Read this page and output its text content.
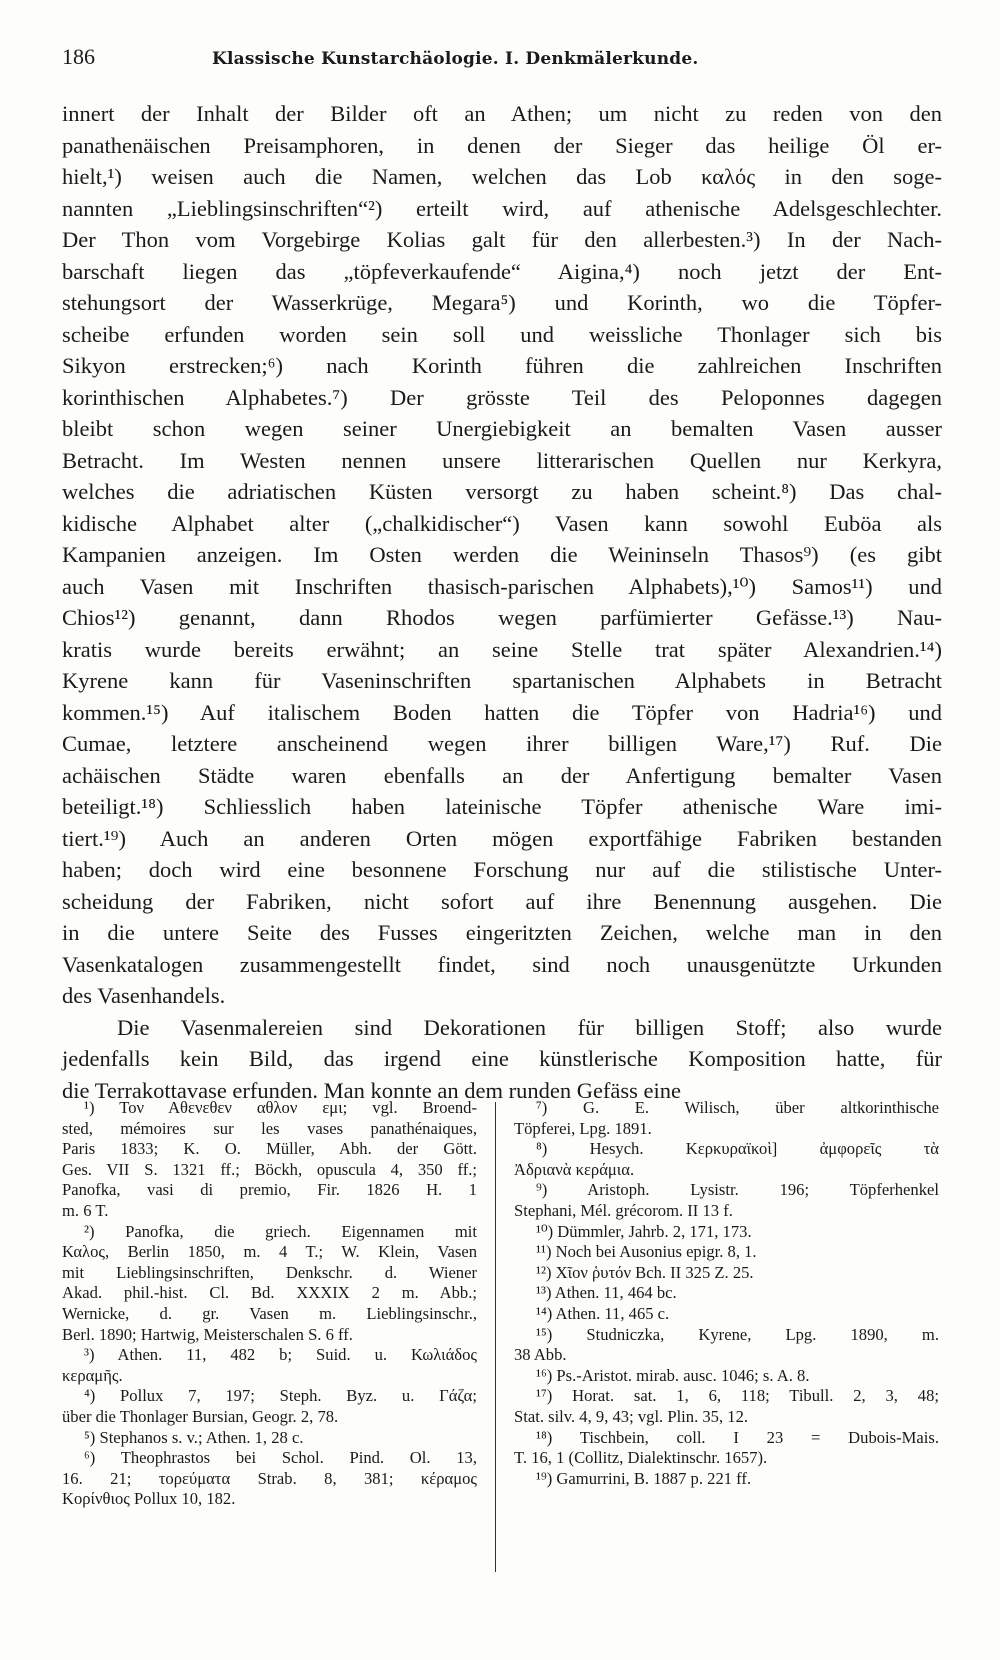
186	Klassische Kunstarchäologie. I. Denkmälerkunde.
innert der Inhalt der Bilder oft an Athen; um nicht zu reden von den
panathenäischen Preisamphoren, in denen der Sieger das heilige Öl er-
hielt,¹) weisen auch die Namen, welchen das Lob καλός in den soge-
nannten „Lieblingsinschriften“²) erteilt wird, auf athenische Adelsgeschlechter.
Der Thon vom Vorgebirge Kolias galt für den allerbesten.³) In der Nach-
barschaft liegen das „töpfeverkaufende“ Aigina,⁴) noch jetzt der Ent-
stehungsort der Wasserkrüge, Megara⁵) und Korinth, wo die Töpfer-
scheibe erfunden worden sein soll und weissliche Thonlager sich bis
Sikyon erstrecken;⁶) nach Korinth führen die zahlreichen Inschriften
korinthischen Alphabetes.⁷) Der grösste Teil des Peloponnes dagegen
bleibt schon wegen seiner Unergiebigkeit an bemalten Vasen ausser
Betracht. Im Westen nennen unsere litterarischen Quellen nur Kerkyra,
welches die adriatischen Küsten versorgt zu haben scheint.⁸) Das chal-
kidische Alphabet alter („chalkidischer“) Vasen kann sowohl Euböa als
Kampanien anzeigen. Im Osten werden die Weininseln Thasos⁹) (es gibt
auch Vasen mit Inschriften thasisch-parischen Alphabets),¹⁰) Samos¹¹) und
Chios¹²) genannt, dann Rhodos wegen parfümierter Gefässe.¹³) Nau-
kratis wurde bereits erwähnt; an seine Stelle trat später Alexandrien.¹⁴)
Kyrene kann für Vaseninschriften spartanischen Alphabets in Betracht
kommen.¹⁵) Auf italischem Boden hatten die Töpfer von Hadria¹⁶) und
Cumae, letztere anscheinend wegen ihrer billigen Ware,¹⁷) Ruf. Die
achäischen Städte waren ebenfalls an der Anfertigung bemalter Vasen
beteiligt.¹⁸) Schliesslich haben lateinische Töpfer athenische Ware imi-
tiert.¹⁹) Auch an anderen Orten mögen exportfähige Fabriken bestanden
haben; doch wird eine besonnene Forschung nur auf die stilistische Unter-
scheidung der Fabriken, nicht sofort auf ihre Benennung ausgehen. Die
in die untere Seite des Fusses eingeritzten Zeichen, welche man in den
Vasenkatalogen zusammengestellt findet, sind noch unausgenützte Urkunden
des Vasenhandels.
Die Vasenmalereien sind Dekorationen für billigen Stoff; also wurde
jedenfalls kein Bild, das irgend eine künstlerische Komposition hatte, für
die Terrakottavase erfunden. Man konnte an dem runden Gefäss eine
¹) Τον Αθενεθεν αθλον εμι; vgl. Broend-
sted, mémoires sur les vases panathénaiques,
Paris 1833; K. O. Müller, Abh. der Gött.
Ges. VII S. 1321 ff.; Böckh, opuscula 4, 350 ff.;
Panofka, vasi di premio, Fir. 1826 H. 1
m. 6 T.
²) Panofka, die griech. Eigennamen mit
Καλος, Berlin 1850, m. 4 T.; W. Klein, Vasen
mit Lieblingsinschriften, Denkschr. d. Wiener
Akad. phil.-hist. Cl. Bd. XXXIX 2 m. Abb.;
Wernicke, d. gr. Vasen m. Lieblingsinschr.,
Berl. 1890; Hartwig, Meisterschalen S. 6 ff.
³) Athen. 11, 482 b; Suid. u. Κωλιάδος
κεραμῆς.
⁴) Pollux 7, 197; Steph. Byz. u. Γάζα;
über die Thonlager Bursian, Geogr. 2, 78.
⁵) Stephanos s. v.; Athen. 1, 28 c.
⁶) Theophrastos bei Schol. Pind. Ol. 13,
16. 21; τορεύματα Strab. 8, 381; κέραμος
Κορίνθιος Pollux 10, 182.
⁷) G. E. Wilisch, über altkorinthische
Töpferei, Lpg. 1891.
⁸) Hesych. Κερκυραϊκοὶ] ἀμφορεῖς τὰ
Ἀδριανὰ κεράμια.
⁹) Aristoph. Lysistr. 196; Töpferhenkel
Stephani, Mél. grécorom. II 13 f.
¹⁰) Dümmler, Jahrb. 2, 171, 173.
¹¹) Noch bei Ausonius epigr. 8, 1.
¹²) Χῖον ῥυτόν Bch. II 325 Z. 25.
¹³) Athen. 11, 464 bc.
¹⁴) Athen. 11, 465 c.
¹⁵) Studniczka, Kyrene, Lpg. 1890, m.
38 Abb.
¹⁶) Ps.-Aristot. mirab. ausc. 1046; s. A. 8.
¹⁷) Horat. sat. 1, 6, 118; Tibull. 2, 3, 48;
Stat. silv. 4, 9, 43; vgl. Plin. 35, 12.
¹⁸) Tischbein, coll. I 23 = Dubois-Mais.
T. 16, 1 (Collitz, Dialektinschr. 1657).
¹⁹) Gamurrini, B. 1887 p. 221 ff.
